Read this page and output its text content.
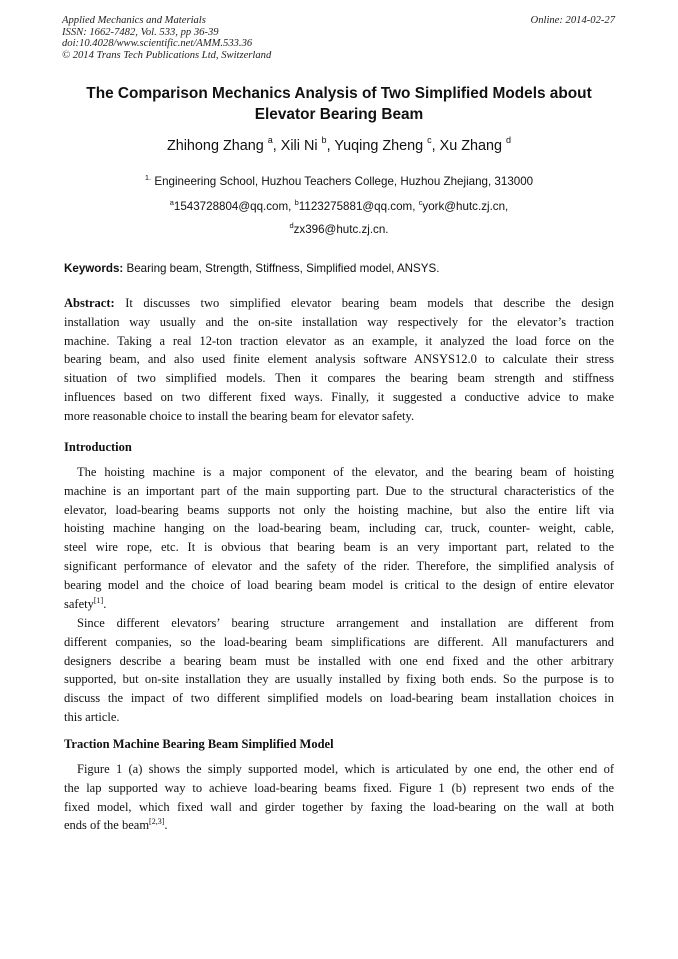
Applied Mechanics and Materials
ISSN: 1662-7482, Vol. 533, pp 36-39
doi:10.4028/www.scientific.net/AMM.533.36
© 2014 Trans Tech Publications Ltd, Switzerland
Online: 2014-02-27
The Comparison Mechanics Analysis of Two Simplified Models about
Elevator Bearing Beam
Zhihong Zhang $^a$, Xili Ni $^b$, Yuqing Zheng $^c$, Xu Zhang $^d$
$^{1.}$ Engineering School, Huzhou Teachers College, Huzhou Zhejiang, 313000
$^a$1543728804@qq.com, $^b$1123275881@qq.com, $^c$york@hutc.zj.cn,
$^d$zx396@hutc.zj.cn.
Keywords: Bearing beam, Strength, Stiffness, Simplified model, ANSYS.
Abstract: It discusses two simplified elevator bearing beam models that describe the design
installation way usually and the on-site installation way respectively for the elevator’s traction
machine. Taking a real 12-ton traction elevator as an example, it analyzed the load force on the
bearing beam, and also used finite element analysis software ANSYS12.0 to calculate their stress
situation of two simplified models. Then it compares the bearing beam strength and stiffness
influences based on two different fixed ways. Finally, it suggested a conductive advice to make
more reasonable choice to install the bearing beam for elevator safety.
Introduction
The hoisting machine is a major component of the elevator, and the bearing beam of hoisting
machine is an important part of the main supporting part. Due to the structural characteristics of the
elevator, load-bearing beams supports not only the hoisting machine, but also the entire lift via
hoisting machine hanging on the load-bearing beam, including car, truck, counter- weight, cable,
steel wire rope, etc. It is obvious that bearing beam is an very important part, related to the
significant performance of elevator and the safety of the rider. Therefore, the simplified analysis of
bearing model and the choice of load bearing beam model is critical to the design of entire elevator
safety[1].
Since different elevators’ bearing structure arrangement and installation are different from
different companies, so the load-bearing beam simplifications are different. All manufacturers and
designers describe a bearing beam must be installed with one end fixed and the other arbitrary
supported, but on-site installation they are usually installed by fixing both ends. So the purpose is to
discuss the impact of two different simplified models on load-bearing beam installation choices in
this article.
Traction Machine Bearing Beam Simplified Model
Figure 1 (a) shows the simply supported model, which is articulated by one end, the other end of
the lap supported way to achieve load-bearing beams fixed. Figure 1 (b) represent two ends of the
fixed model, which fixed wall and girder together by faxing the load-bearing on the wall at both
ends of the beam[2,3].
